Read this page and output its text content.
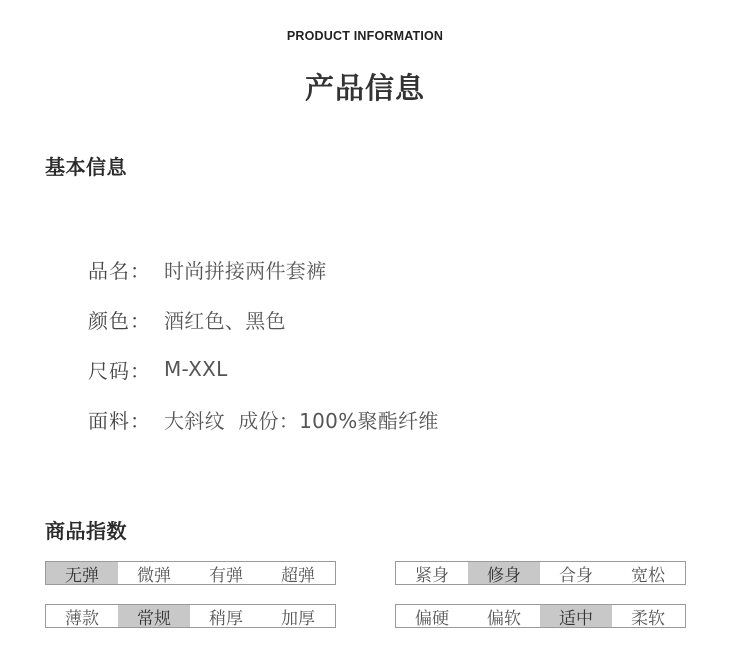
PRODUCT INFORMATION
产品信息
基本信息
品名： 时尚拼接两件套裤
颜色： 酒红色、黑色
尺码： M-XXL
面料： 大斜纹  成份：100%聚酯纤维
商品指数
无弹	微弹	有弹	超弹	紧身	修身	合身	宽松
薄款	常规	稍厚	加厚	偏硬	偏软	适中	柔软
